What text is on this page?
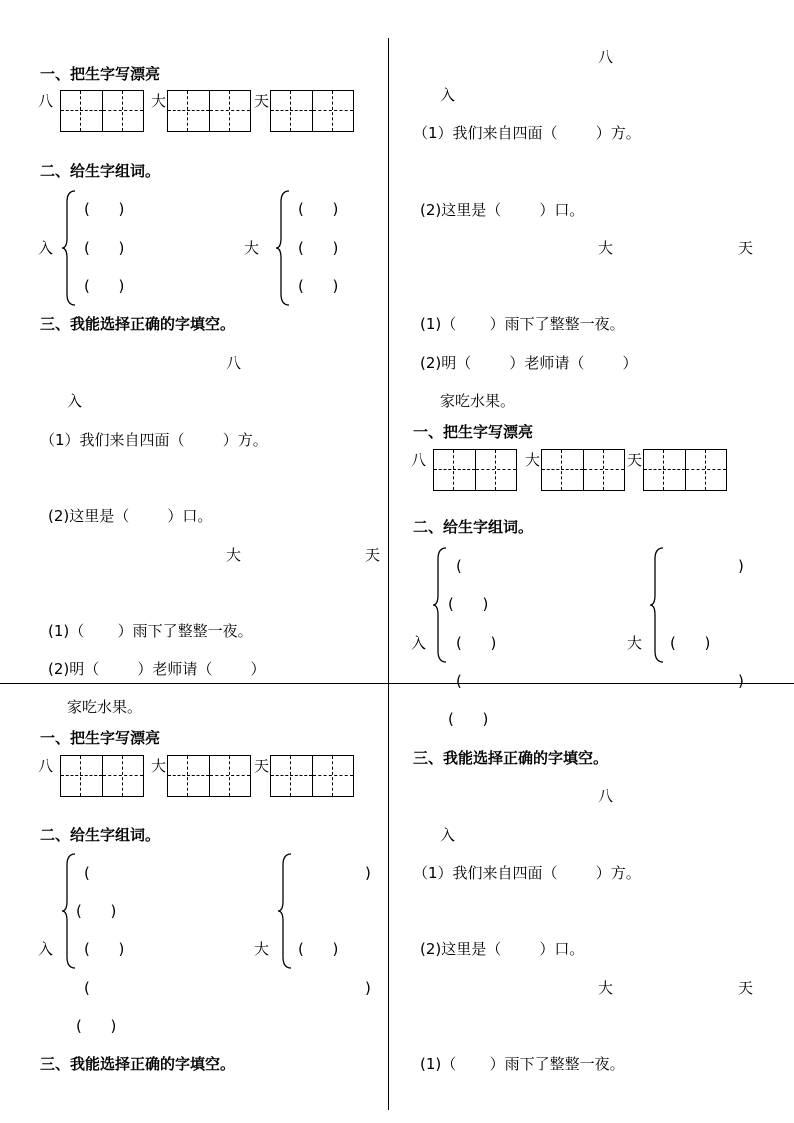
一、把生字写漂亮
八	大	天
二、给生字组词。
入
(      )
(      )
(      )
大
(      )
(      )
(      )
三、我能选择正确的字填空。
八
入
（1）我们来自四面（        ）方。
(2)这里是（        ）口。
大	天
(1)（       ）雨下了整整一夜。
(2)明（        ）老师请（        ）
八
入
（1）我们来自四面（        ）方。
(2)这里是（        ）口。
大	天
(1)（       ）雨下了整整一夜。
(2)明（        ）老师请（        ）
家吃水果。
一、把生字写漂亮
八	大	天
二、给生字组词。
(
(      )
入 (      )
)
大 (      )
(	)
(      )
三、我能选择正确的字填空。
八
入
（1）我们来自四面（        ）方。
(2)这里是（        ）口。
大	天
(1)（       ）雨下了整整一夜。
家吃水果。
一、把生字写漂亮
八	大	天
二、给生字组词。
(
(      )
入 (      )
)
大 (      )
(	)
(      )
三、我能选择正确的字填空。
